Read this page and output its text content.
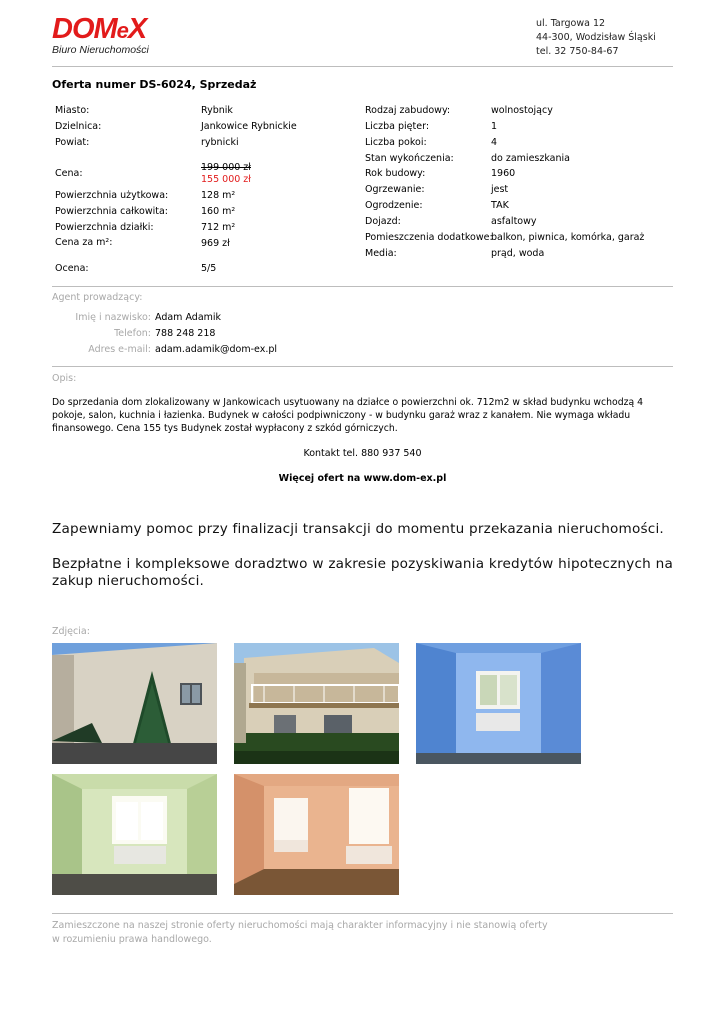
DOMeX
Biuro Nieruchomości
ul. Targowa 12
44-300, Wodzisław Śląski
tel. 32 750-84-67
Oferta numer DS-6024, Sprzedaż
Miasto:	Rybnik
Dzielnica:	Jankowice Rybnickie
Powiat:	rybnicki
Cena:
199 000 zł
155 000 zł
Powierzchnia użytkowa:	128 m²
Powierzchnia całkowita:	160 m²
Powierzchnia działki:	712 m²
Cena za m²:	969 zł
Ocena:	5/5
Rodzaj zabudowy:	wolnostojący
Liczba pięter:	1
Liczba pokoi:	4
Stan wykończenia:	do zamieszkania
Rok budowy:	1960
Ogrzewanie:	jest
Ogrodzenie:	TAK
Dojazd:	asfaltowy
Pomieszczenia dodatkowe:
balkon, piwnica, komórka, garaż
Media:	prąd, woda
Agent prowadzący:
Imię i nazwisko: Adam Adamik
Telefon: 788 248 218
Adres e-mail: adam.adamik@dom-ex.pl
Opis:
Do sprzedania dom zlokalizowany w Jankowicach usytuowany na działce o powierzchni ok. 712m2 w skład budynku wchodzą 4 pokoje, salon, kuchnia i łazienka. Budynek w całości podpiwniczony - w budynku garaż wraz z kanałem. Nie wymaga wkładu finansowego. Cena 155 tys Budynek został wypłacony z szkód górniczych.
Kontakt tel. 880 937 540
Więcej ofert na www.dom-ex.pl
Zapewniamy pomoc przy finalizacji transakcji do momentu przekazania nieruchomości.
Bezpłatne i kompleksowe doradztwo w zakresie pozyskiwania kredytów hipotecznych na zakup nieruchomości.
Zdjęcia:
Zamieszczone na naszej stronie oferty nieruchomości mają charakter informacyjny i nie stanowią oferty
w rozumieniu prawa handlowego.
